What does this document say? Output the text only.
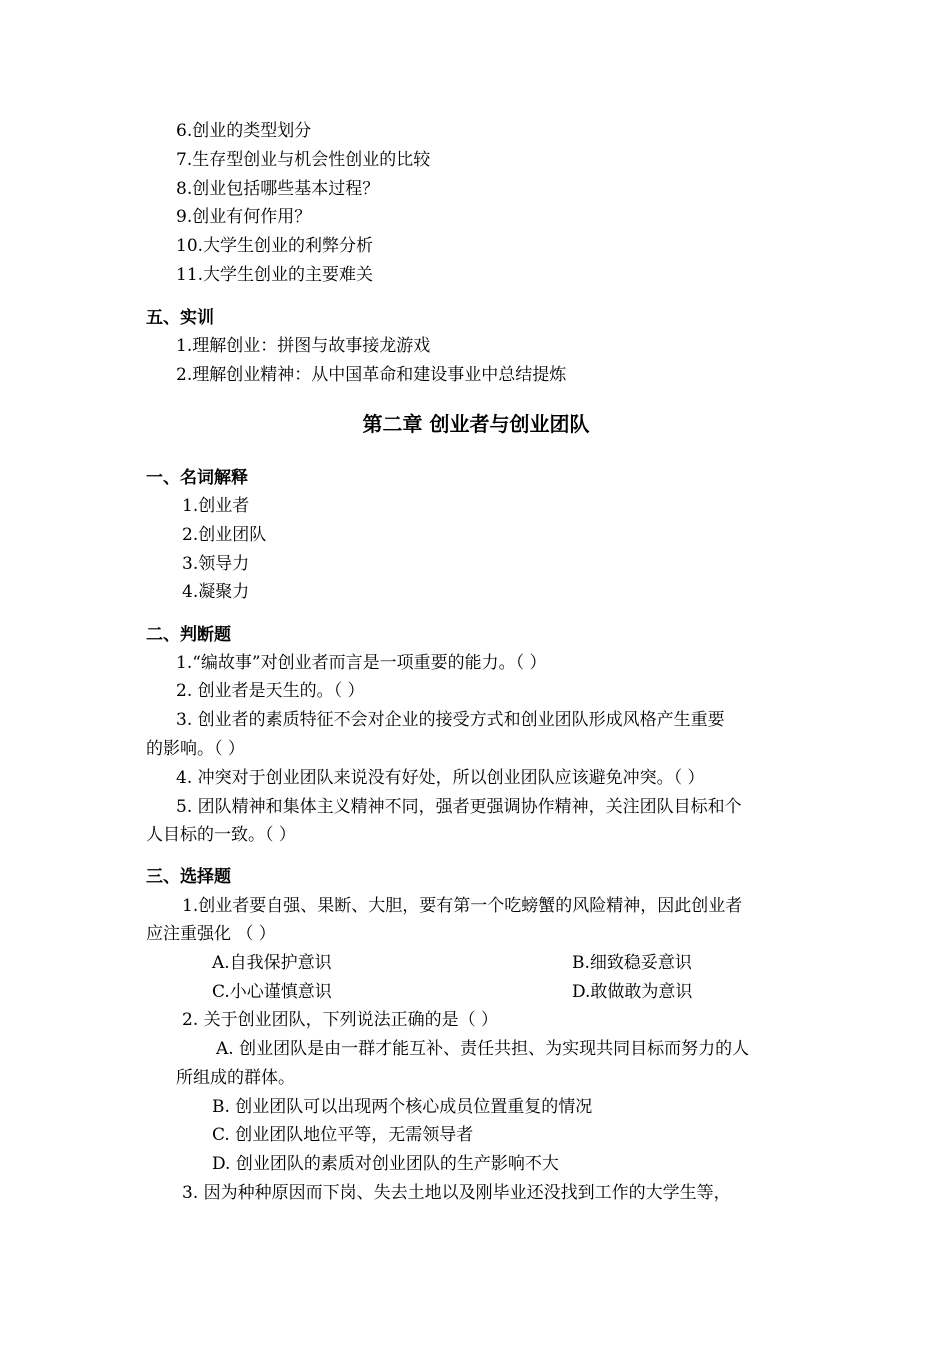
6.创业的类型划分
7.生存型创业与机会性创业的比较
8.创业包括哪些基本过程？
9.创业有何作用？
10.大学生创业的利弊分析
11.大学生创业的主要难关
五、实训
1.理解创业：拼图与故事接龙游戏
2.理解创业精神：从中国革命和建设事业中总结提炼
第二章 创业者与创业团队
一、名词解释
1.创业者
2.创业团队
3.领导力
4.凝聚力
二、判断题
1.“编故事”对创业者而言是一项重要的能力。（ ）
2. 创业者是天生的。（ ）
3. 创业者的素质特征不会对企业的接受方式和创业团队形成风格产生重要
的影响。（ ）
4. 冲突对于创业团队来说没有好处，所以创业团队应该避免冲突。（ ）
5. 团队精神和集体主义精神不同，强者更强调协作精神，关注团队目标和个
人目标的一致。（ ）
三、选择题
1.创业者要自强、果断、大胆，要有第一个吃螃蟹的风险精神，因此创业者
应注重强化 （ ）
A.自我保护意识	B.细致稳妥意识
C.小心谨慎意识	D.敢做敢为意识
2. 关于创业团队，下列说法正确的是（ ）
A. 创业团队是由一群才能互补、责任共担、为实现共同目标而努力的人
所组成的群体。
B. 创业团队可以出现两个核心成员位置重复的情况
C. 创业团队地位平等，无需领导者
D. 创业团队的素质对创业团队的生产影响不大
3. 因为种种原因而下岗、失去土地以及刚毕业还没找到工作的大学生等，
